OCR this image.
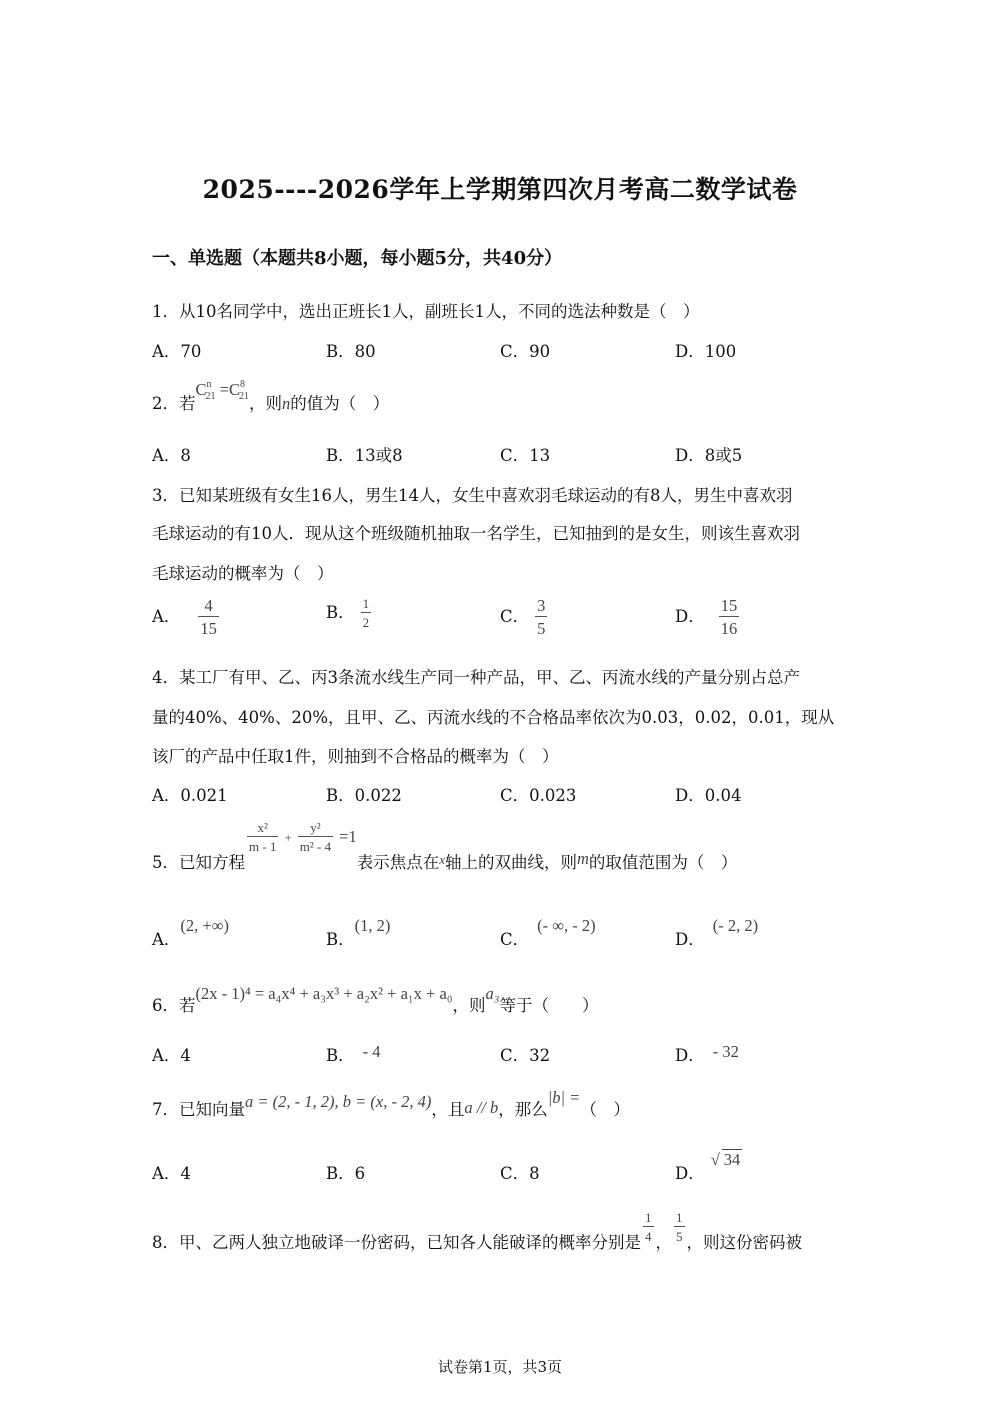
2025----2026学年上学期第四次月考高二数学试卷
一、单选题（本题共8小题，每小题5分，共40分）
1．从10名同学中，选出正班长1人，副班长1人，不同的选法种数是（　）
A．70	B．80	C．90	D．100
2．若$C^n_{21} =C^8_{21}$，则n的值为（　）
A．8	B．13或8	C．13	D．8或5
3．已知某班级有女生16人，男生14人，女生中喜欢羽毛球运动的有8人，男生中喜欢羽
毛球运动的有10人．现从这个班级随机抽取一名学生，已知抽到的是女生，则该生喜欢羽
毛球运动的概率为（　）
A． $\frac{4}{15}$	B． $\frac{1}{2}$	C． $\frac{3}{5}$	D． $\frac{15}{16}$
4．某工厂有甲、乙、丙3条流水线生产同一种产品，甲、乙、丙流水线的产量分别占总产
量的40%、40%、20%，且甲、乙、丙流水线的不合格品率依次为0.03，0.02，0.01，现从
该厂的产品中任取1件，则抽到不合格品的概率为（　）
A．0.021	B．0.022	C．0.023	D．0.04
5．已知方程
$\frac{\text{x²}}{m - 1} + \frac{\text{y²}}{\text{m² - 4}} =1$表示焦点在$_x$轴上的双曲线，则m的取值范围为（　）
A．(2, +∞)
B．(1, 2)
C．(- ∞, - 2)
D．(- 2, 2)
6．若(2x - 1)⁴ = a₄x⁴ + a₃x³ + a₂x² + a₁x + a₀，则a₃等于（　　）
A．4	B． - 4	C．32	D． - 32
7．已知向量a = (2, - 1, 2), b = (x, - 2, 4)，且a // b，那么|b| =（　）
A．4	B．6	C．8	D．√ 34
8．甲、乙两人独立地破译一份密码，已知各人能破译的概率分别是 $\frac{1}{4}$ ， $\frac{1}{5}$ ，则这份密码被
试卷第1页，共3页
